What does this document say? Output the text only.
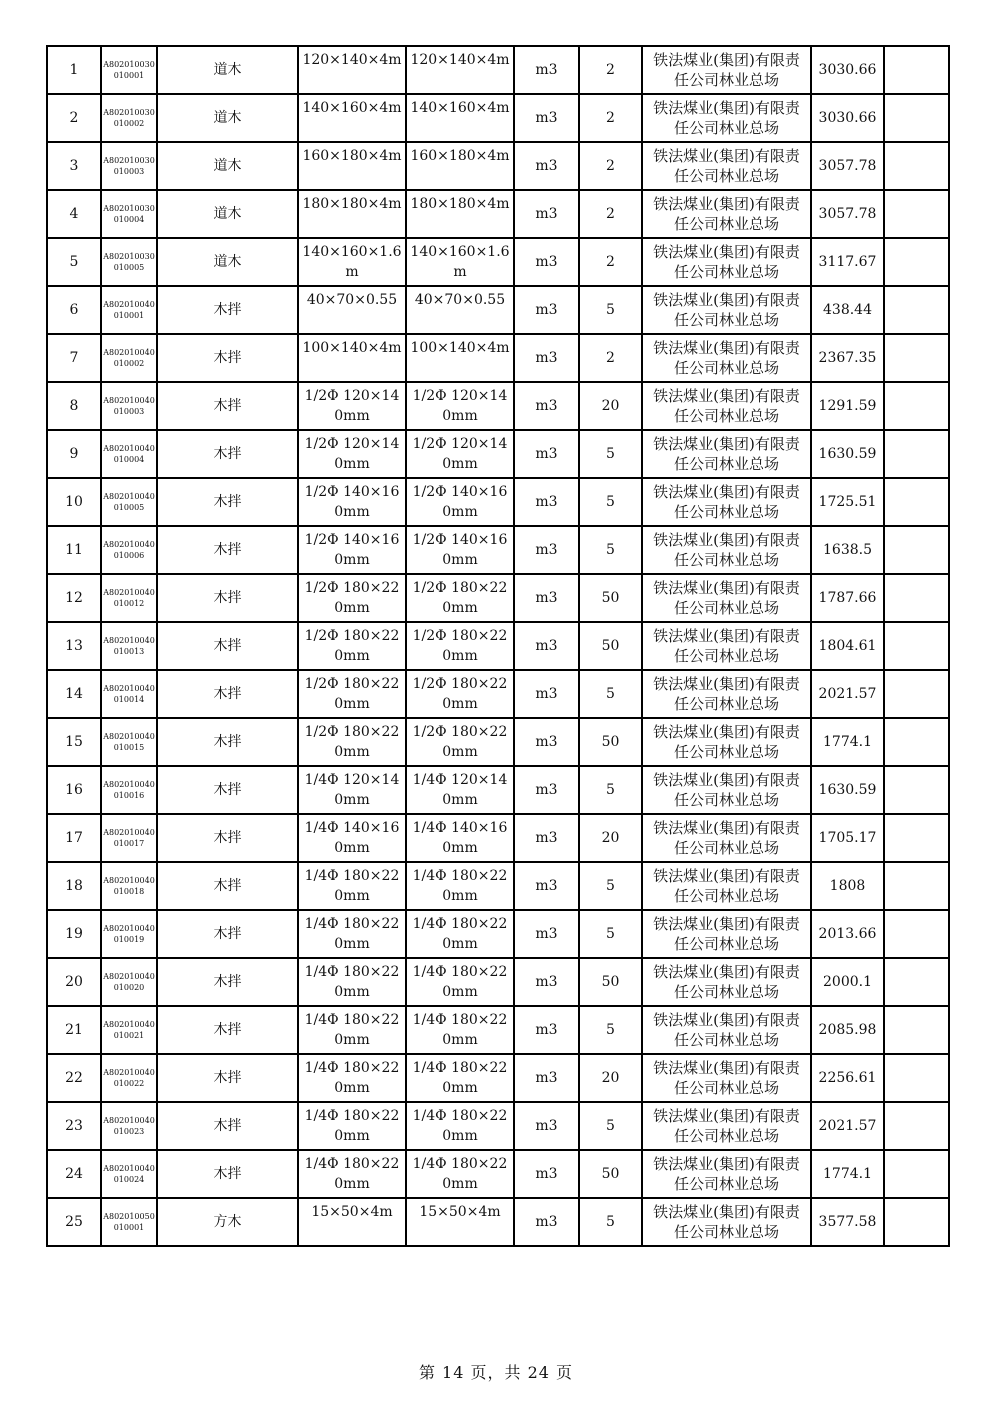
1	A802010030010001	道木	120×140×4m	120×140×4m	m3	2	铁法煤业(集团)有限责任公司林业总场	3030.66	
2	A802010030010002	道木	140×160×4m	140×160×4m	m3	2	铁法煤业(集团)有限责任公司林业总场	3030.66	
3	A802010030010003	道木	160×180×4m	160×180×4m	m3	2	铁法煤业(集团)有限责任公司林业总场	3057.78	
4	A802010030010004	道木	180×180×4m	180×180×4m	m3	2	铁法煤业(集团)有限责任公司林业总场	3057.78	
5	A802010030010005	道木	140×160×1.6m	140×160×1.6m	m3	2	铁法煤业(集团)有限责任公司林业总场	3117.67	
6	A802010040010001	木拌	40×70×0.55	40×70×0.55	m3	5	铁法煤业(集团)有限责任公司林业总场	438.44	
7	A802010040010002	木拌	100×140×4m	100×140×4m	m3	2	铁法煤业(集团)有限责任公司林业总场	2367.35	
8	A802010040010003	木拌	1/2Φ 120×140mm	1/2Φ 120×140mm	m3	20	铁法煤业(集团)有限责任公司林业总场	1291.59	
9	A802010040010004	木拌	1/2Φ 120×140mm	1/2Φ 120×140mm	m3	5	铁法煤业(集团)有限责任公司林业总场	1630.59	
10	A802010040010005	木拌	1/2Φ 140×160mm	1/2Φ 140×160mm	m3	5	铁法煤业(集团)有限责任公司林业总场	1725.51	
11	A802010040010006	木拌	1/2Φ 140×160mm	1/2Φ 140×160mm	m3	5	铁法煤业(集团)有限责任公司林业总场	1638.5	
12	A802010040010012	木拌	1/2Φ 180×220mm	1/2Φ 180×220mm	m3	50	铁法煤业(集团)有限责任公司林业总场	1787.66	
13	A802010040010013	木拌	1/2Φ 180×220mm	1/2Φ 180×220mm	m3	50	铁法煤业(集团)有限责任公司林业总场	1804.61	
14	A802010040010014	木拌	1/2Φ 180×220mm	1/2Φ 180×220mm	m3	5	铁法煤业(集团)有限责任公司林业总场	2021.57	
15	A802010040010015	木拌	1/2Φ 180×220mm	1/2Φ 180×220mm	m3	50	铁法煤业(集团)有限责任公司林业总场	1774.1	
16	A802010040010016	木拌	1/4Φ 120×140mm	1/4Φ 120×140mm	m3	5	铁法煤业(集团)有限责任公司林业总场	1630.59	
17	A802010040010017	木拌	1/4Φ 140×160mm	1/4Φ 140×160mm	m3	20	铁法煤业(集团)有限责任公司林业总场	1705.17	
18	A802010040010018	木拌	1/4Φ 180×220mm	1/4Φ 180×220mm	m3	5	铁法煤业(集团)有限责任公司林业总场	1808	
19	A802010040010019	木拌	1/4Φ 180×220mm	1/4Φ 180×220mm	m3	5	铁法煤业(集团)有限责任公司林业总场	2013.66	
20	A802010040010020	木拌	1/4Φ 180×220mm	1/4Φ 180×220mm	m3	50	铁法煤业(集团)有限责任公司林业总场	2000.1	
21	A802010040010021	木拌	1/4Φ 180×220mm	1/4Φ 180×220mm	m3	5	铁法煤业(集团)有限责任公司林业总场	2085.98	
22	A802010040010022	木拌	1/4Φ 180×220mm	1/4Φ 180×220mm	m3	20	铁法煤业(集团)有限责任公司林业总场	2256.61	
23	A802010040010023	木拌	1/4Φ 180×220mm	1/4Φ 180×220mm	m3	5	铁法煤业(集团)有限责任公司林业总场	2021.57	
24	A802010040010024	木拌	1/4Φ 180×220mm	1/4Φ 180×220mm	m3	50	铁法煤业(集团)有限责任公司林业总场	1774.1	
25	A802010050010001	方木	15×50×4m	15×50×4m	m3	5	铁法煤业(集团)有限责任公司林业总场	3577.58	
第 14 页，共 24 页
